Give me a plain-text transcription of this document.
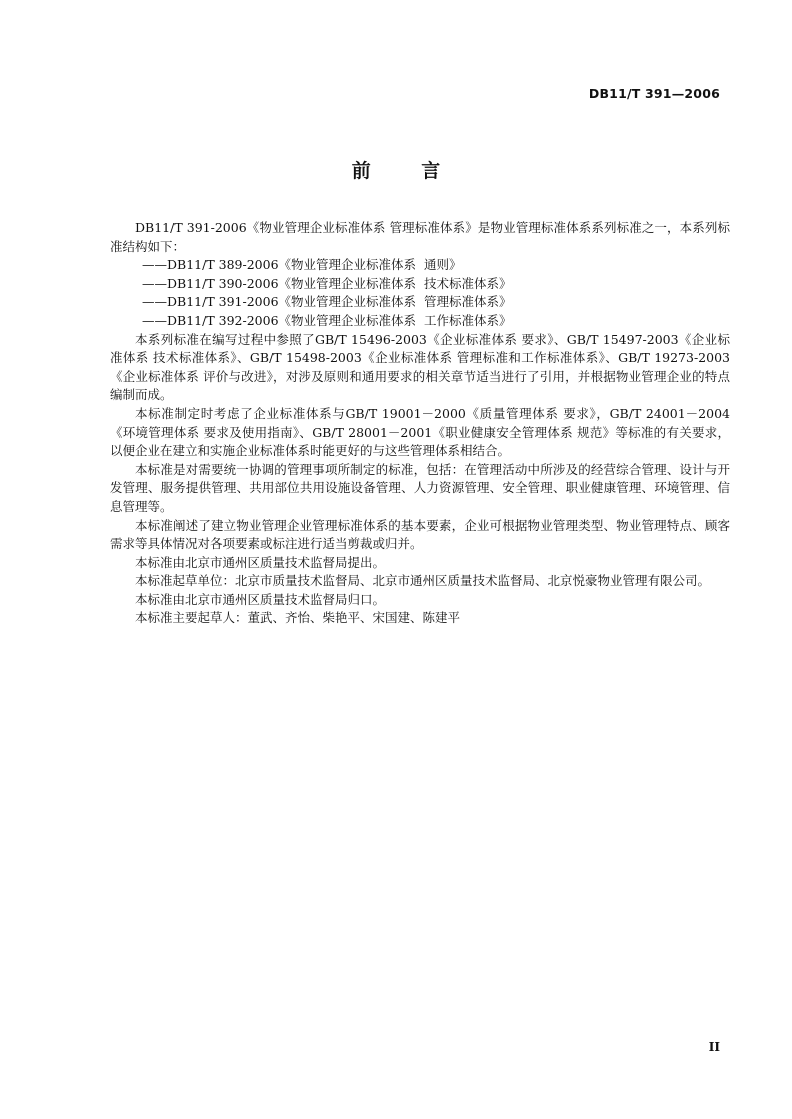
DB11/T 391—2006
前 言

DB11/T 391-2006《物业管理企业标准体系 管理标准体系》是物业管理标准体系系列标准之一，本系列标准结构如下：

——DB11/T 389-2006《物业管理企业标准体系  通则》
——DB11/T 390-2006《物业管理企业标准体系  技术标准体系》
——DB11/T 391-2006《物业管理企业标准体系  管理标准体系》
——DB11/T 392-2006《物业管理企业标准体系  工作标准体系》

本系列标准在编写过程中参照了GB/T 15496-2003《企业标准体系 要求》、GB/T 15497-2003《企业标准体系 技术标准体系》、GB/T 15498-2003《企业标准体系 管理标准和工作标准体系》、GB/T 19273-2003《企业标准体系 评价与改进》，对涉及原则和通用要求的相关章节适当进行了引用，并根据物业管理企业的特点编制而成。

本标准制定时考虑了企业标准体系与GB/T 19001－2000《质量管理体系 要求》，GB/T 24001－2004《环境管理体系 要求及使用指南》、GB/T 28001－2001《职业健康安全管理体系 规范》等标准的有关要求，以便企业在建立和实施企业标准体系时能更好的与这些管理体系相结合。

本标准是对需要统一协调的管理事项所制定的标准，包括：在管理活动中所涉及的经营综合管理、设计与开发管理、服务提供管理、共用部位共用设施设备管理、人力资源管理、安全管理、职业健康管理、环境管理、信息管理等。

本标准阐述了建立物业管理企业管理标准体系的基本要素，企业可根据物业管理类型、物业管理特点、顾客需求等具体情况对各项要素或标注进行适当剪裁或归并。

本标准由北京市通州区质量技术监督局提出。

本标准起草单位：北京市质量技术监督局、北京市通州区质量技术监督局、北京悦豪物业管理有限公司。

本标准由北京市通州区质量技术监督局归口。

本标准主要起草人：董武、齐怡、柴艳平、宋国建、陈建平

II
